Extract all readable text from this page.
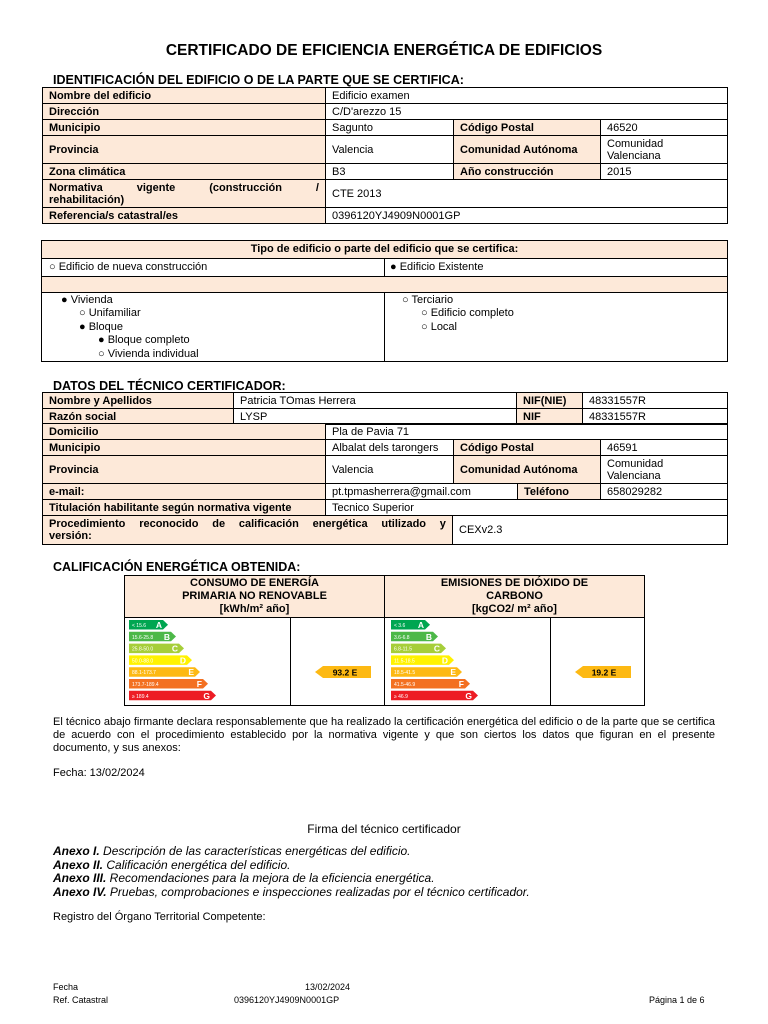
CERTIFICADO DE EFICIENCIA ENERGÉTICA DE EDIFICIOS
IDENTIFICACIÓN DEL EDIFICIO O DE LA PARTE QUE SE CERTIFICA:
Nombre del edificio	Edificio examen		
Dirección	C/D'arezzo 15		
Municipio	Sagunto	Código Postal	46520
Provincia	Valencia	Comunidad Autónoma	Comunidad
Valenciana
Zona climática	B3	Año construcción	2015

Normativa vigente (construcción /
rehabilitación)	CTE 2013		
Referencia/s catastral/es	0396120YJ4909N0001GP		
Tipo de edificio o parte del edificio que se certifica:
○ Edificio de nueva construcción	● Edificio Existente
● Vivienda
○ Unifamiliar
● Bloque
● Bloque completo
○ Vivienda individual
○ Terciario
○ Edificio completo
○ Local
DATOS DEL TÉCNICO CERTIFICADOR:
Nombre y Apellidos	Patricia TOmas Herrera	NIF(NIE)	48331557R
Razón social	LYSP	NIF	48331557R
Domicilio	Pla de Pavia 71			
Municipio	Albalat dels tarongers	Código Postal		46591
Provincia	Valencia	Comunidad Autónoma		Comunidad
Valenciana
e-mail:	pt.tpmasherrera@gmail.com		Teléfono	658029282
Titulación habilitante según normativa vigente	Tecnico Superior			
Procedimiento reconocido de calificación energética utilizado y
versión:	CEXv2.3
CALIFICACIÓN ENERGÉTICA OBTENIDA:
CONSUMO DE ENERGÍA
PRIMARIA NO RENOVABLE
[kWh/m² año]
EMISIONES DE DIÓXIDO DE
CARBONO
[kgCO2/ m² año]
< 15.6 A
15.6-25.8 B
25.8-50.0 C
50.0-88.0	D
88.1-173.7	E
173.7-189.4	F
≥ 189.4	G
< 3.6 A
3.6-6.8 B
6.8-11.5	C
11.5-18.5	D
18.5-41.5	E
41.5-46.9	F
≥ 46.9	G
93.2 E	19.2 E
El técnico abajo firmante declara responsablemente que ha realizado la certificación energética del edificio o de la parte que se certifica de acuerdo con el procedimiento establecido por la normativa vigente y que son ciertos los datos que figuran en el presente documento, y sus anexos:
Fecha: 13/02/2024
Firma del técnico certificador
Anexo I. Descripción de las características energéticas del edificio.
Anexo II. Calificación energética del edificio.
Anexo III. Recomendaciones para la mejora de la eficiencia energética.
Anexo IV. Pruebas, comprobaciones e inspecciones realizadas por el técnico certificador.
Registro del Órgano Territorial Competente:
Fecha	13/02/2024
Ref. Catastral	0396120YJ4909N0001GP	Página 1 de 6
